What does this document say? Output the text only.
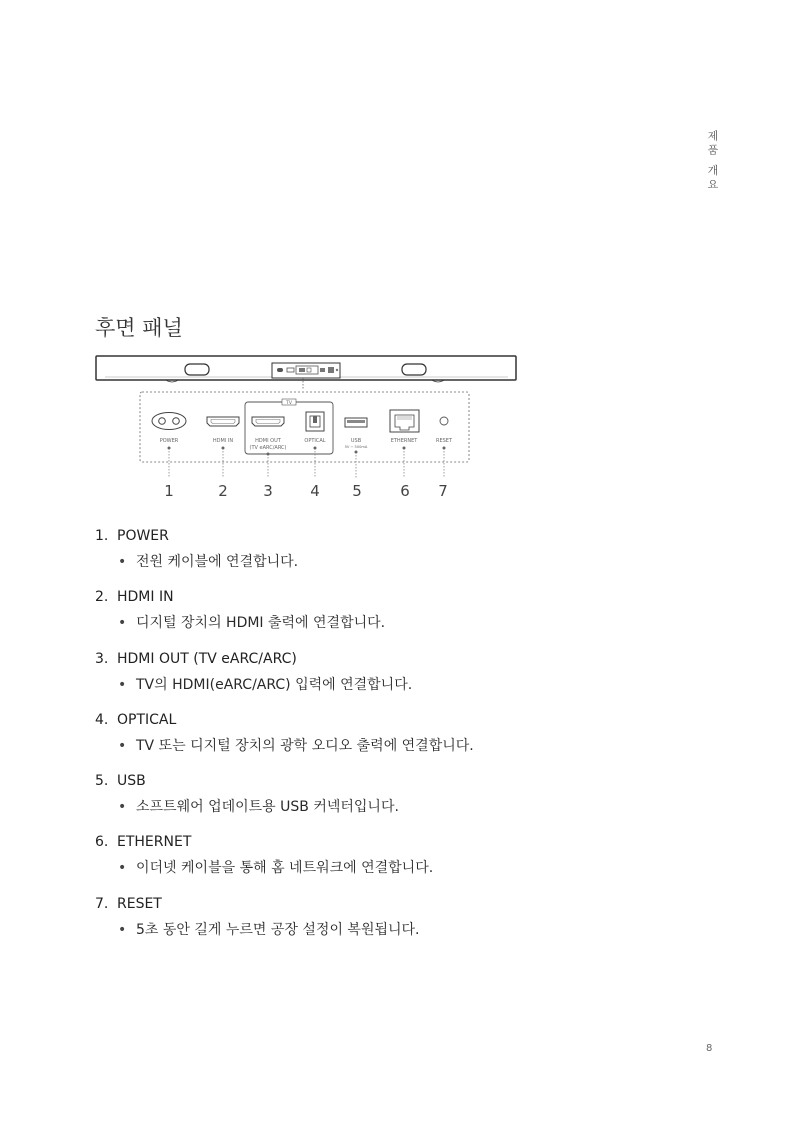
제품 개요
후면 패널
TV
POWER	HDMI IN	HDMI OUT
(TV eARC/ARC)
OPTICAL	USB
5V ⎓ 500mA
ETHERNET	RESET
1	2 3 4 5	6 7
1. POWER
• 전원 케이블에 연결합니다.
2. HDMI IN
• 디지털 장치의 HDMI 출력에 연결합니다.
3. HDMI OUT (TV eARC/ARC)
• TV의 HDMI(eARC/ARC) 입력에 연결합니다.
4. OPTICAL
• TV 또는 디지털 장치의 광학 오디오 출력에 연결합니다.
5. USB
• 소프트웨어 업데이트용 USB 커넥터입니다.
6. ETHERNET
• 이더넷 케이블을 통해 홈 네트워크에 연결합니다.
7. RESET
• 5초 동안 길게 누르면 공장 설정이 복원됩니다.
8
